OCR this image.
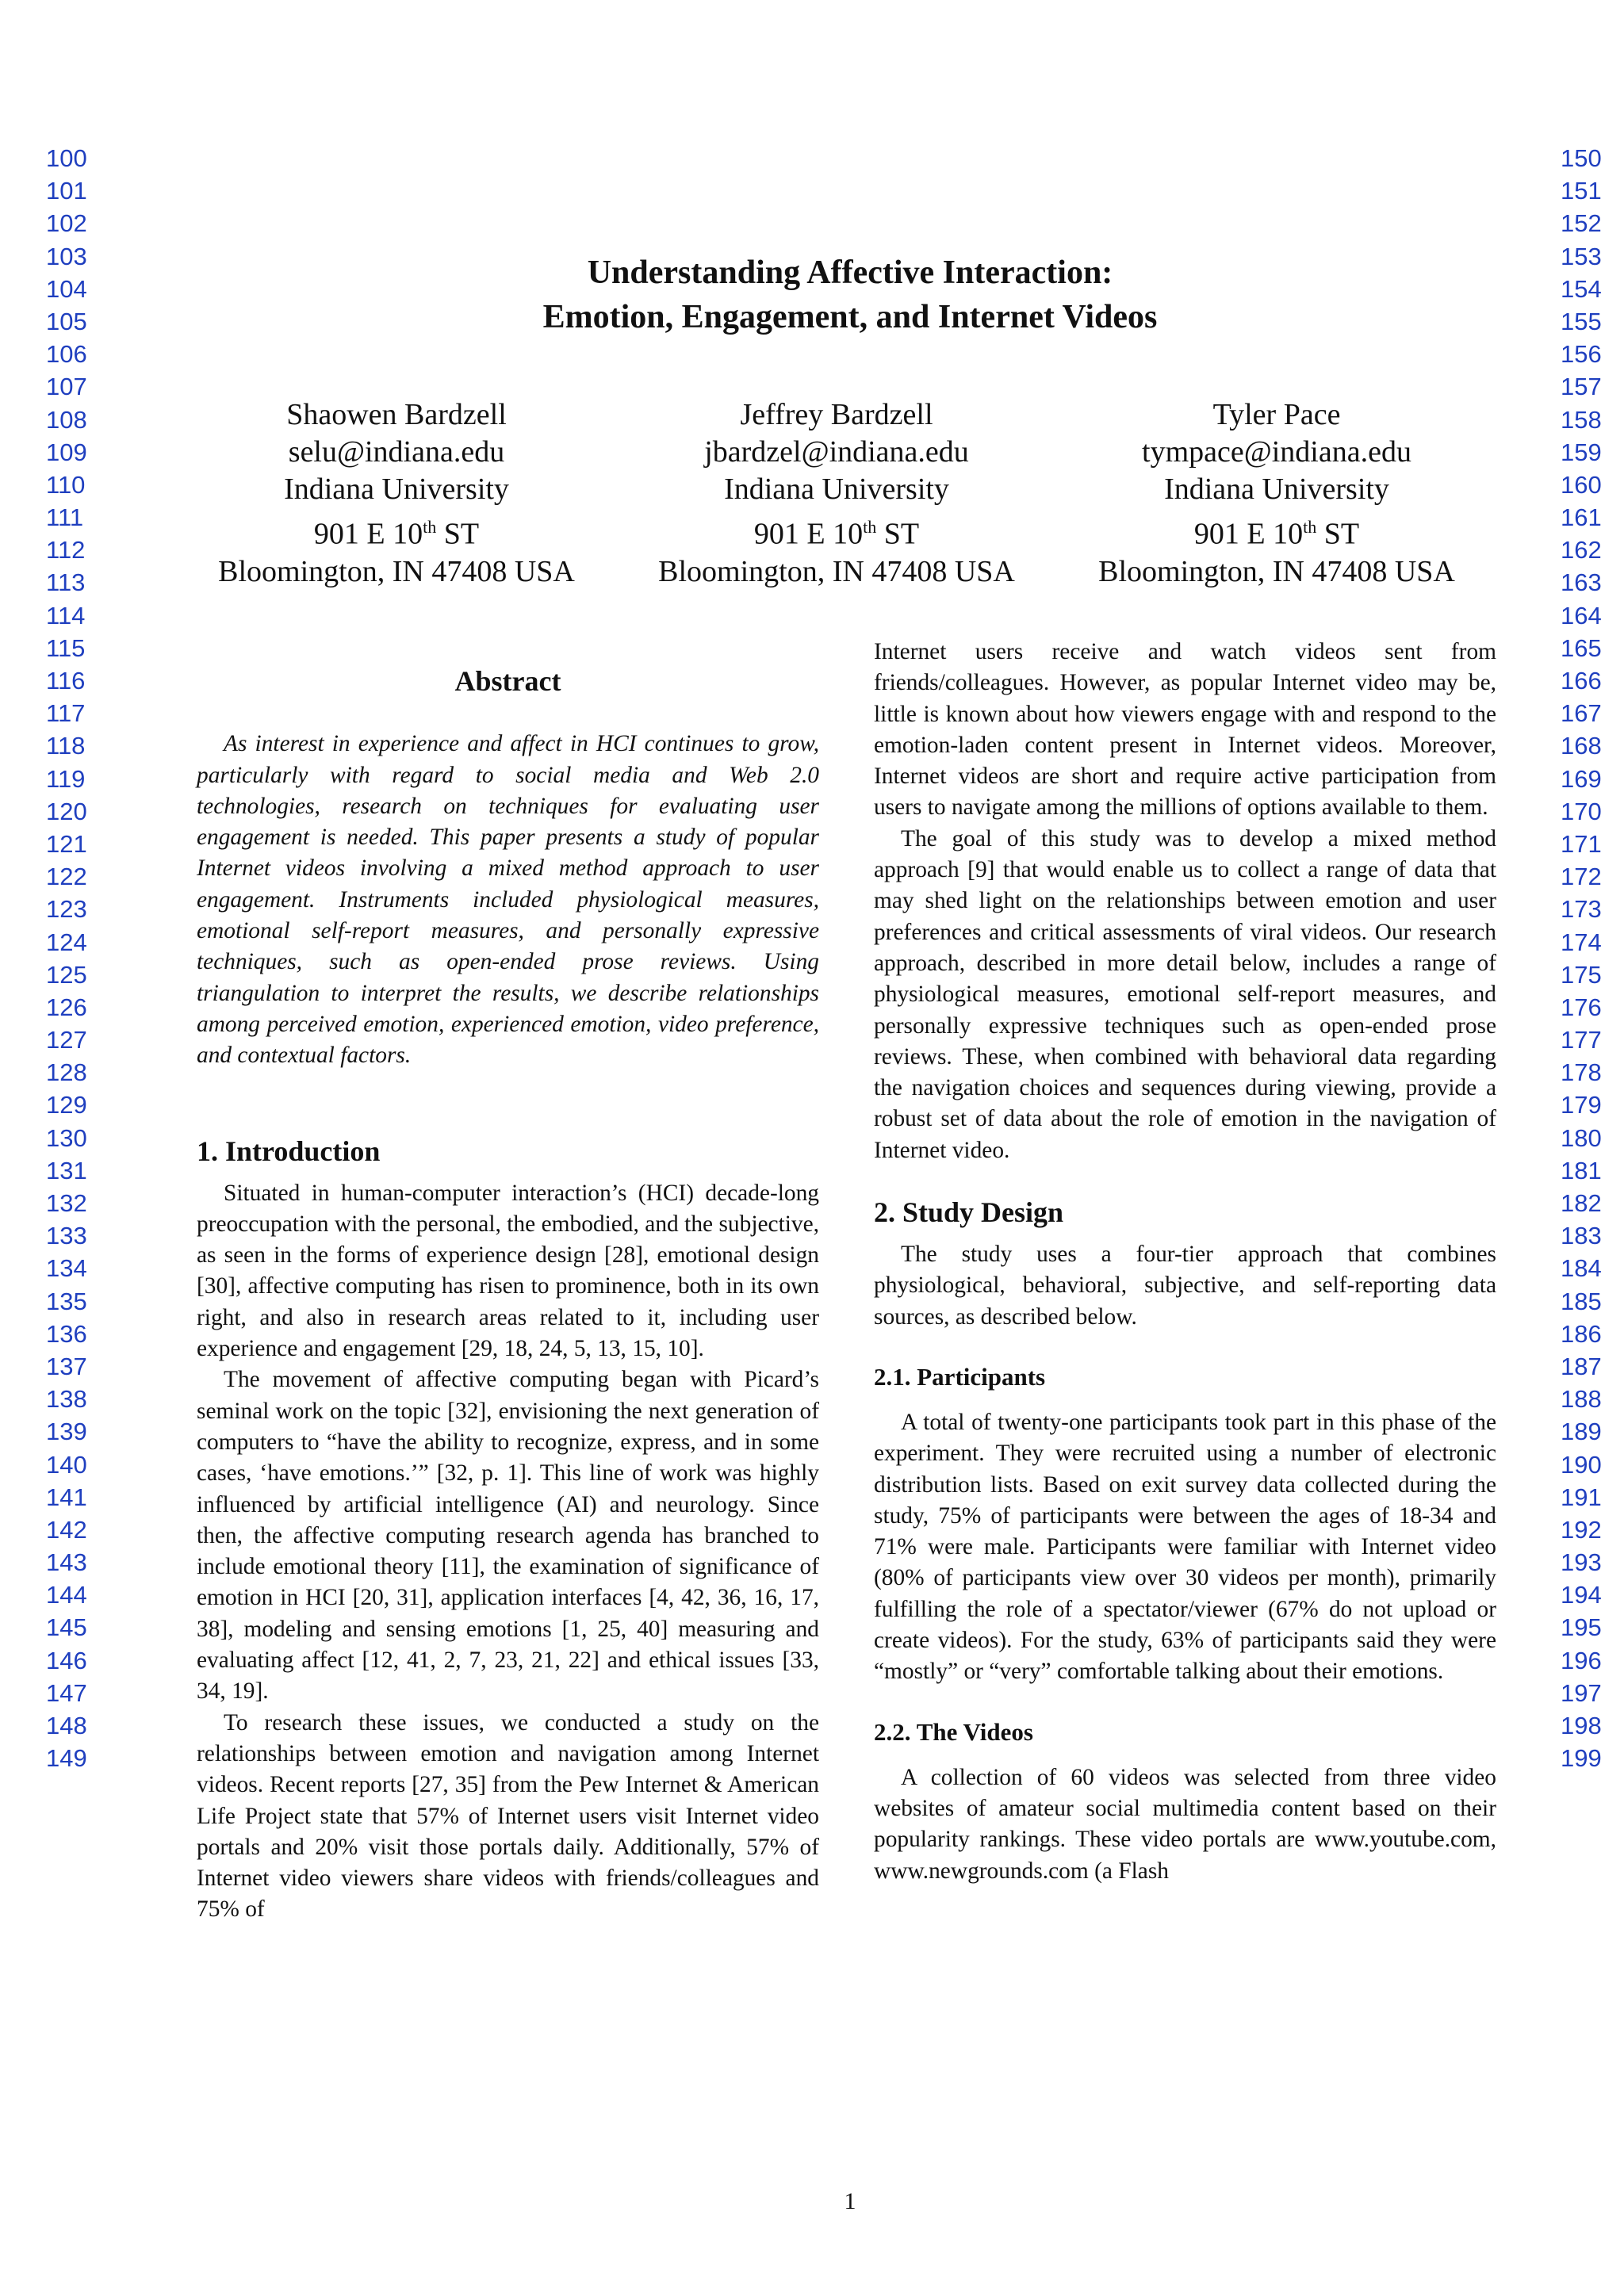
100
101
102
103
104
105
106
107
108
109
110
111
112
113
114
115
116
117
118
119
120
121
122
123
124
125
126
127
128
129
130
131
132
133
134
135
136
137
138
139
140
141
142
143
144
145
146
147
148
149
150
151
152
153
154
155
156
157
158
159
160
161
162
163
164
165
166
167
168
169
170
171
172
173
174
175
176
177
178
179
180
181
182
183
184
185
186
187
188
189
190
191
192
193
194
195
196
197
198
199
Understanding Affective Interaction:
Emotion, Engagement, and Internet Videos
Shaowen Bardzell
selu@indiana.edu
Indiana University
901 E 10th ST
Bloomington, IN 47408 USA
Jeffrey Bardzell
jbardzel@indiana.edu
Indiana University
901 E 10th ST
Bloomington, IN 47408 USA
Tyler Pace
tympace@indiana.edu
Indiana University
901 E 10th ST
Bloomington, IN 47408 USA
Abstract

As interest in experience and affect in HCI continues to grow, particularly with regard to social media and Web 2.0 technologies, research on techniques for evaluating user engagement is needed. This paper presents a study of popular Internet videos involving a mixed method approach to user engagement. Instruments included physiological measures, emotional self-report measures, and personally expressive techniques, such as open-ended prose reviews. Using triangulation to interpret the results, we describe relationships among perceived emotion, experienced emotion, video preference, and contextual factors.

1. Introduction

Situated in human-computer interaction’s (HCI) decade-long preoccupation with the personal, the embodied, and the subjective, as seen in the forms of experience design [28], emotional design [30], affective computing has risen to prominence, both in its own right, and also in research areas related to it, including user experience and engagement [29, 18, 24, 5, 13, 15, 10].

The movement of affective computing began with Picard’s seminal work on the topic [32], envisioning the next generation of computers to “have the ability to recognize, express, and in some cases, ‘have emotions.’” [32, p. 1]. This line of work was highly influenced by artificial intelligence (AI) and neurology. Since then, the affective computing research agenda has branched to include emotional theory [11], the examination of significance of emotion in HCI [20, 31], application interfaces [4, 42, 36, 16, 17, 38], modeling and sensing emotions [1, 25, 40] measuring and evaluating affect [12, 41, 2, 7, 23, 21, 22] and ethical issues [33, 34, 19].

To research these issues, we conducted a study on the relationships between emotion and navigation among Internet videos. Recent reports [27, 35] from the Pew Internet & American Life Project state that 57% of Internet users visit Internet video portals and 20% visit those portals daily. Additionally, 57% of Internet video viewers share videos with friends/colleagues and 75% of

Internet users receive and watch videos sent from friends/colleagues. However, as popular Internet video may be, little is known about how viewers engage with and respond to the emotion-laden content present in Internet videos. Moreover, Internet videos are short and require active participation from users to navigate among the millions of options available to them.

The goal of this study was to develop a mixed method approach [9] that would enable us to collect a range of data that may shed light on the relationships between emotion and user preferences and critical assessments of viral videos. Our research approach, described in more detail below, includes a range of physiological measures, emotional self-report measures, and personally expressive techniques such as open-ended prose reviews. These, when combined with behavioral data regarding the navigation choices and sequences during viewing, provide a robust set of data about the role of emotion in the navigation of Internet video.

2. Study Design

The study uses a four-tier approach that combines physiological, behavioral, subjective, and self-reporting data sources, as described below.

2.1. Participants

A total of twenty-one participants took part in this phase of the experiment. They were recruited using a number of electronic distribution lists. Based on exit survey data collected during the study, 75% of participants were between the ages of 18-34 and 71% were male. Participants were familiar with Internet video (80% of participants view over 30 videos per month), primarily fulfilling the role of a spectator/viewer (67% do not upload or create videos). For the study, 63% of participants said they were “mostly” or “very” comfortable talking about their emotions.

2.2. The Videos

A collection of 60 videos was selected from three video websites of amateur social multimedia content based on their popularity rankings. These video portals are www.youtube.com, www.newgrounds.com (a Flash

1
